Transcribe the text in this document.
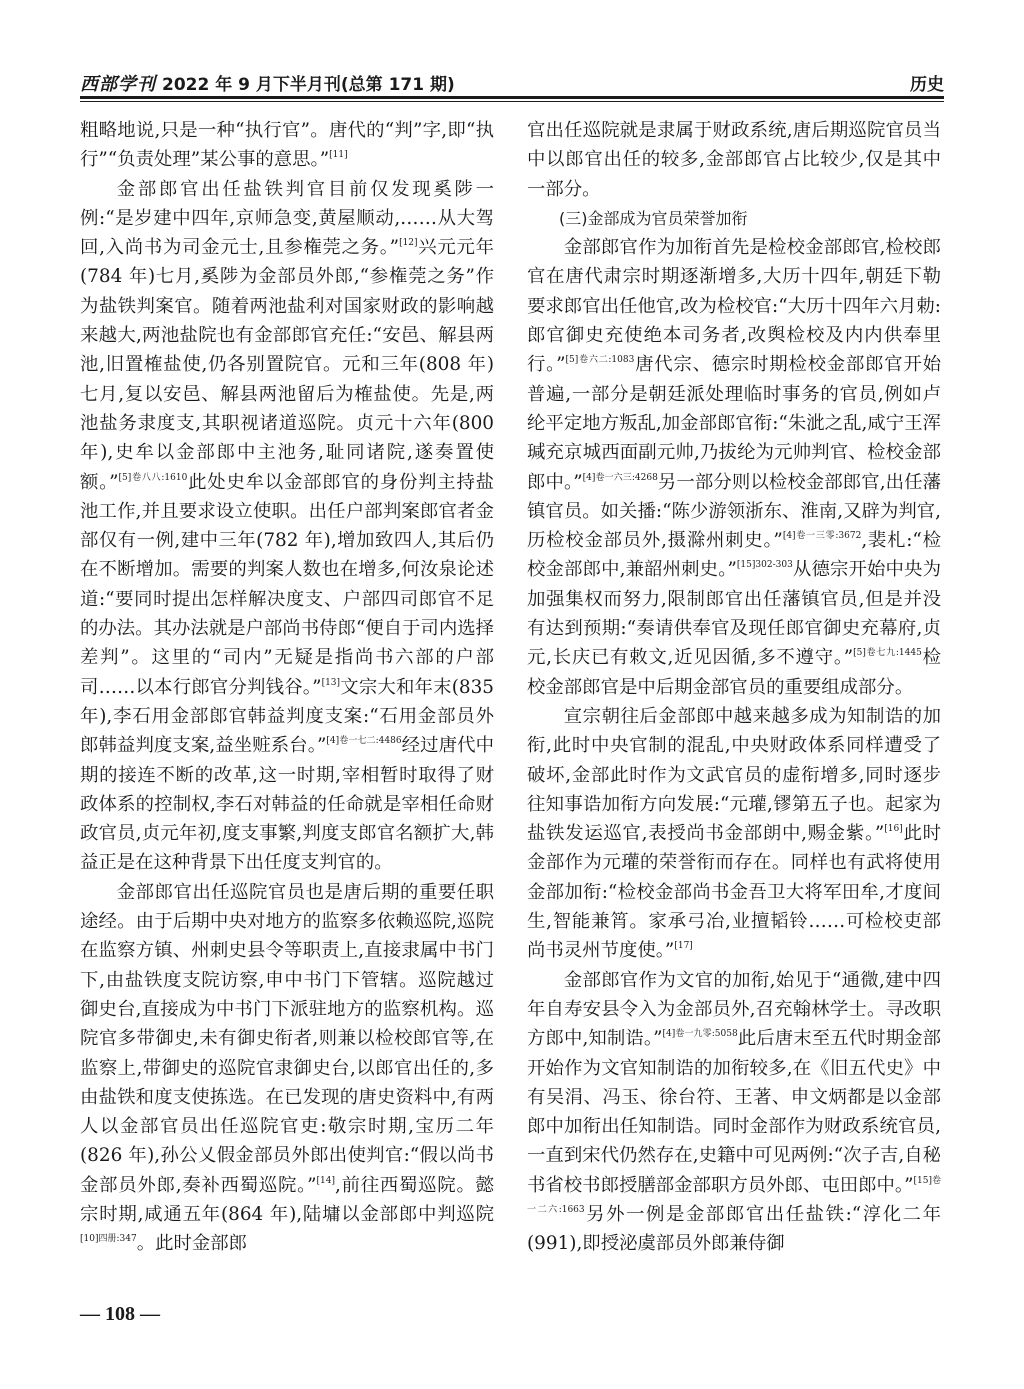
西部学刊 2022 年 9 月下半月刊(总第 171 期)	历史

粗略地说,只是一种“执行官”。唐代的“判”字,即“执行”“负责处理”某公事的意思。”[11]

金部郎官出任盐铁判官目前仅发现奚陟一例:“是岁建中四年,京师急变,黄屋顺动,……从大驾回,入尚书为司金元士,且参権莞之务。”[12]兴元元年(784 年)七月,奚陟为金部员外郎,“参権莞之务”作为盐铁判案官。随着两池盐利对国家财政的影响越来越大,两池盐院也有金部郎官充任:“安邑、解县两池,旧置榷盐使,仍各别置院官。元和三年(808 年)七月,复以安邑、解县两池留后为榷盐使。先是,两池盐务隶度支,其职视诸道巡院。贞元十六年(800 年),史牟以金部郎中主池务,耻同诸院,遂奏置使额。”$^{[5]卷八八:1610}$此处史牟以金部郎官的身份判主持盐池工作,并且要求设立使职。出任户部判案郎官者金部仅有一例,建中三年(782 年),增加致四人,其后仍在不断增加。需要的判案人数也在增多,何汝泉论述道:“要同时提出怎样解决度支、户部四司郎官不足的办法。其办法就是户部尚书侍郎“便自于司内选择差判”。这里的“司内”无疑是指尚书六部的户部司……以本行郎官分判钱谷。”[13]文宗大和年末(835 年),李石用金部郎官韩益判度支案:“石用金部员外郎韩益判度支案,益坐赃系台。”$^{[4]卷一七二:4486}$经过唐代中期的接连不断的改革,这一时期,宰相暂时取得了财政体系的控制权,李石对韩益的任命就是宰相任命财政官员,贞元年初,度支事繁,判度支郎官名额扩大,韩益正是在这种背景下出任度支判官的。

金部郎官出任巡院官员也是唐后期的重要任职途经。由于后期中央对地方的监察多依赖巡院,巡院在监察方镇、州刺史县令等职责上,直接隶属中书门下,由盐铁度支院访察,申中书门下管辖。巡院越过御史台,直接成为中书门下派驻地方的监察机构。巡院官多带御史,未有御史衔者,则兼以检校郎官等,在监察上,带御史的巡院官隶御史台,以郎官出任的,多由盐铁和度支使拣选。在已发现的唐史资料中,有两人以金部官员出任巡院官吏:敬宗时期,宝历二年(826 年),孙公乂假金部员外郎出使判官:“假以尚书金部员外郎,奏补西蜀巡院。”[14],前往西蜀巡院。懿宗时期,咸通五年(864 年),陆墉以金部郎中判巡院$^{[10]四册:347}$。此时金部郎

官出任巡院就是隶属于财政系统,唐后期巡院官员当中以郎官出任的较多,金部郎官占比较少,仅是其中一部分。

(三)金部成为官员荣誉加衔

金部郎官作为加衔首先是检校金部郎官,检校郎官在唐代肃宗时期逐渐增多,大历十四年,朝廷下勒要求郎官出任他官,改为检校官:“大历十四年六月勅:郎官御史充使绝本司务者,改舆检校及内内供奉里行。”$^{[5]卷六二:1083}$唐代宗、德宗时期检校金部郎官开始普遍,一部分是朝廷派处理临时事务的官员,例如卢纶平定地方叛乱,加金部郎官衔:“朱泚之乱,咸宁王浑瑊充京城西面副元帅,乃拔纶为元帅判官、检校金部郎中。”$^{[4]卷一六三:4268}$另一部分则以检校金部郎官,出任藩镇官员。如关播:“陈少游领浙东、淮南,又辟为判官,历检校金部员外,摄滁州刺史。”$^{[4]卷一三零:3672}$,裴札:“检校金部郎中,兼韶州刺史。”$^{[15]302-303}$从德宗开始中央为加强集权而努力,限制郎官出任藩镇官员,但是并没有达到预期:“奏请供奉官及现任郎官御史充幕府,贞元,长庆已有敕文,近见因循,多不遵守。”$^{[5]卷七九:1445}$检校金部郎官是中后期金部官员的重要组成部分。

宣宗朝往后金部郎中越来越多成为知制诰的加衔,此时中央官制的混乱,中央财政体系同样遭受了破坏,金部此时作为文武官员的虚衔增多,同时逐步往知事诰加衔方向发展:“元瓘,镠第五子也。起家为盐铁发运巡官,表授尚书金部朗中,赐金紫。”[16]此时金部作为元瓘的荣誉衔而存在。同样也有武将使用金部加衔:“检校金部尚书金吾卫大将军田牟,才度间生,智能兼筲。家承弓冶,业擅韬铃……可检校吏部尚书灵州节度使。”[17]

金部郎官作为文官的加衔,始见于“通微,建中四年自寿安县令入为金部员外,召充翰林学士。寻改职方郎中,知制诰。”$^{[4]卷一九零:5058}$此后唐末至五代时期金部开始作为文官知制诰的加衔较多,在《旧五代史》中有吴涓、冯玉、徐台符、王著、申文炳都是以金部郎中加衔出任知制诰。同时金部作为财政系统官员,一直到宋代仍然存在,史籍中可见两例:“次子吉,自秘书省校书郎授膳部金部职方员外郎、屯田郎中。”$^{[15]卷一二六:1663}$另外一例是金部郎官出任盐铁:“淳化二年(991),即授泌虞部员外郎兼侍御

— 108 —
